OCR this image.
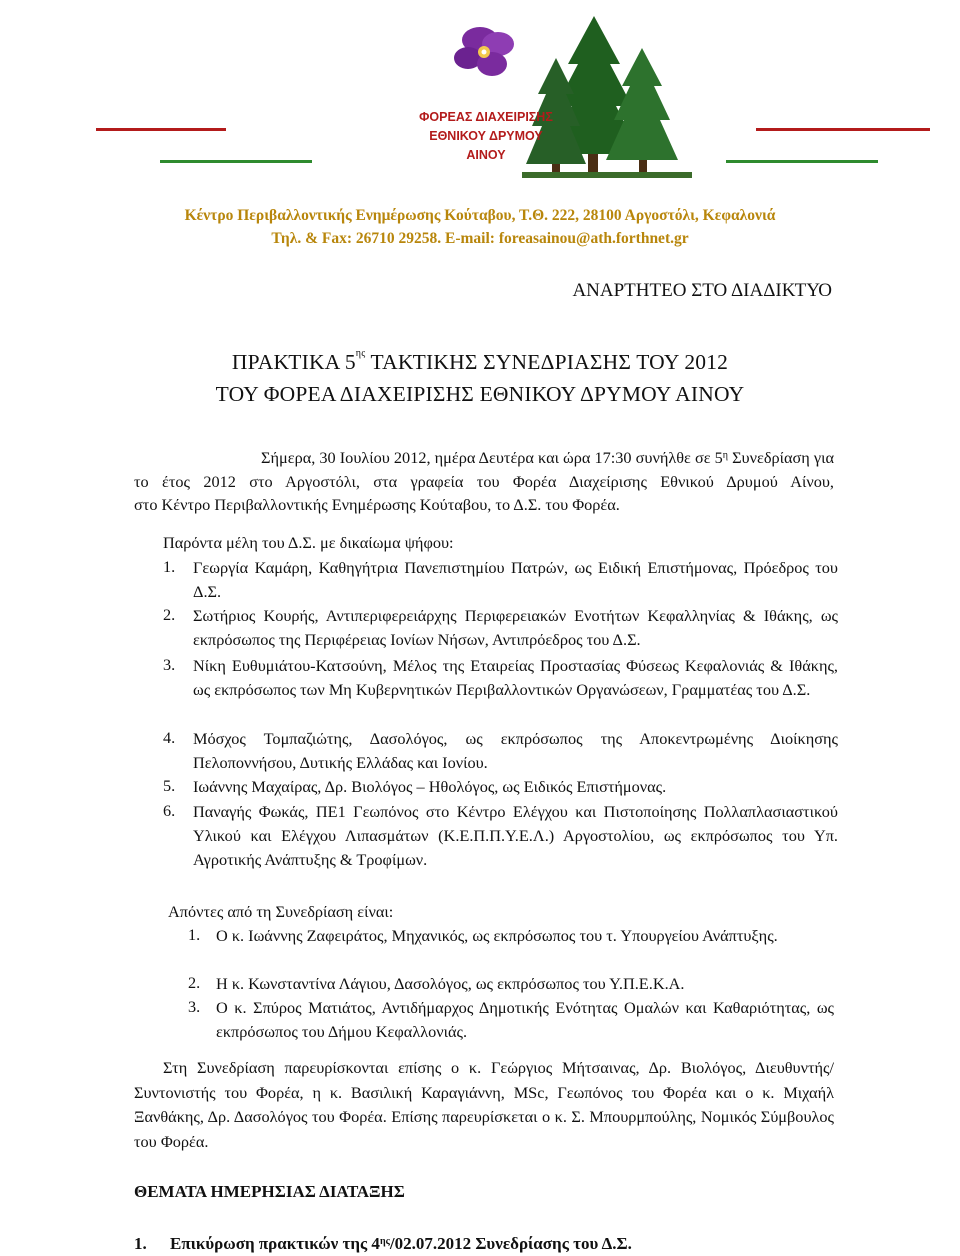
ΦΟΡΕΑΣ ΔΙΑΧΕΙΡΙΣΗΣ
ΕΘΝΙΚΟΥ ΔΡΥΜΟΥ
ΑΙΝΟΥ
Κέντρο Περιβαλλοντικής Ενημέρωσης Κούταβου, Τ.Θ. 222, 28100 Αργοστόλι, Κεφαλονιά
Τηλ. & Fax: 26710 29258. E-mail: foreasainou@ath.forthnet.gr
ΑΝΑΡΤΗΤΕΟ ΣΤΟ ΔΙΑΔΙΚΤΥΟ
ΠΡΑΚΤΙΚΑ $5^{\eta\varsigma}$ ΤΑΚΤΙΚΗΣ ΣΥΝΕΔΡΙΑΣΗΣ ΤΟΥ 2012
ΤΟΥ ΦΟΡΕΑ ΔΙΑΧΕΙΡΙΣΗΣ ΕΘΝΙΚΟΥ ΔΡΥΜΟΥ ΑΙΝΟΥ
Σήμερα, 30 Ιουλίου 2012, ημέρα Δευτέρα και ώρα 17:30 συνήλθε σε $5^\eta$ Συνεδρίαση για
το έτος 2012 στο Αργοστόλι, στα γραφεία του Φορέα Διαχείρισης Εθνικού Δρυμού Αίνου,
στο Κέντρο Περιβαλλοντικής Ενημέρωσης Κούταβου, το Δ.Σ. του Φορέα.
Παρόντα μέλη του Δ.Σ. με δικαίωμα ψήφου:
1. Γεωργία Καμάρη, Καθηγήτρια Πανεπιστημίου Πατρών, ως Ειδική Επιστήμονας, Πρόεδρος του Δ.Σ.
2. Σωτήριος Κουρής, Αντιπεριφερειάρχης Περιφερειακών Ενοτήτων Κεφαλληνίας & Ιθάκης, ως εκπρόσωπος της Περιφέρειας Ιονίων Νήσων, Αντιπρόεδρος του Δ.Σ.
3. Νίκη Ευθυμιάτου-Κατσούνη, Μέλος της Εταιρείας Προστασίας Φύσεως Κεφαλονιάς & Ιθάκης, ως εκπρόσωπος των Μη Κυβερνητικών Περιβαλλοντικών Οργανώσεων, Γραμματέας του Δ.Σ.
4. Μόσχος Τομπαζιώτης, Δασολόγος, ως εκπρόσωπος της Αποκεντρωμένης Διοίκησης Πελοποννήσου, Δυτικής Ελλάδας και Ιονίου.
5. Ιωάννης Μαχαίρας, Δρ. Βιολόγος – Ηθολόγος, ως Ειδικός Επιστήμονας.
6. Παναγής Φωκάς, ΠΕ1 Γεωπόνος στο Κέντρο Ελέγχου και Πιστοποίησης Πολλαπλασιαστικού Υλικού και Ελέγχου Λιπασμάτων (Κ.Ε.Π.Π.Υ.Ε.Λ.) Αργοστολίου, ως εκπρόσωπος του Υπ. Αγροτικής Ανάπτυξης & Τροφίμων.
Απόντες από τη Συνεδρίαση είναι:
1. Ο κ. Ιωάννης Ζαφειράτος, Μηχανικός, ως εκπρόσωπος του τ. Υπουργείου Ανάπτυξης.
2. Η κ. Κωνσταντίνα Λάγιου, Δασολόγος, ως εκπρόσωπος του Υ.Π.Ε.Κ.Α.
3. Ο κ. Σπύρος Ματιάτος, Αντιδήμαρχος Δημοτικής Ενότητας Ομαλών και Καθαριότητας, ως εκπρόσωπος του Δήμου Κεφαλλονιάς.
Στη Συνεδρίαση παρευρίσκονται επίσης ο κ. Γεώργιος Μήτσαινας, Δρ. Βιολόγος, Διευθυντής/Συντονιστής του Φορέα, η κ. Βασιλική Καραγιάννη, MSc, Γεωπόνος του Φορέα και ο κ. Μιχαήλ Ξανθάκης, Δρ. Δασολόγος του Φορέα. Επίσης παρευρίσκεται ο κ. Σ. Μπουρμπούλης, Νομικός Σύμβουλος του Φορέα.
ΘΕΜΑΤΑ ΗΜΕΡΗΣΙΑΣ ΔΙΑΤΑΞΗΣ
1. Επικύρωση πρακτικών της $4^{\eta\varsigma}/02.07.2012$ Συνεδρίασης του Δ.Σ.
